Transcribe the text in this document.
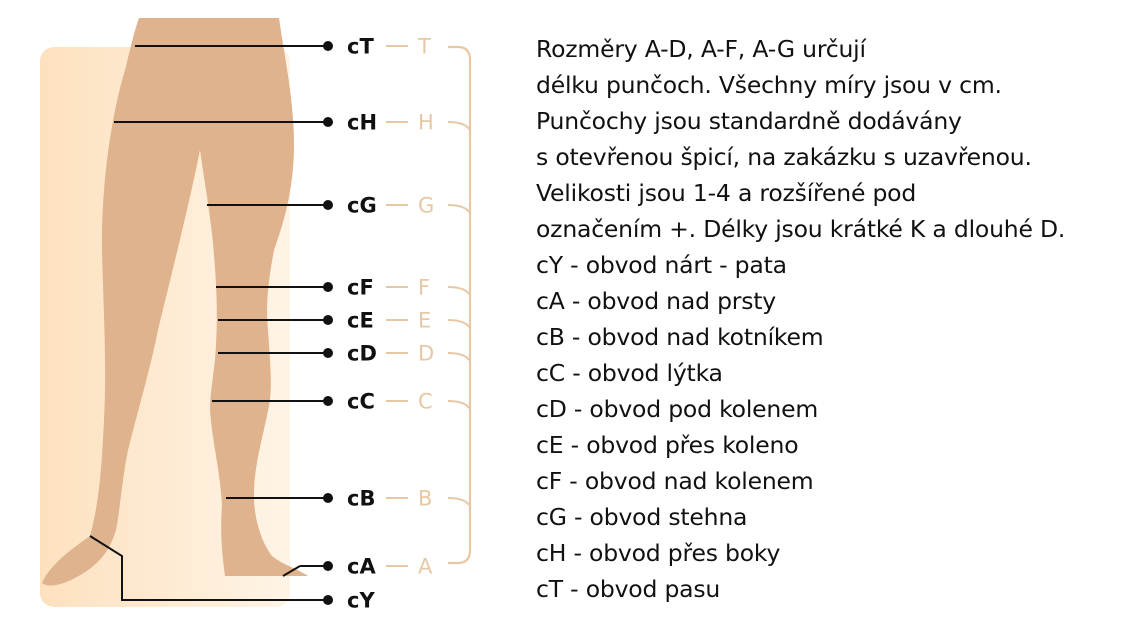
cT T
cH H
cG G
cF F
cE E
cD D
cC C
cB B
cA A
cY
Rozměry A-D, A-F, A-G určují
délku punčoch. Všechny míry jsou v cm.
Punčochy jsou standardně dodávány
s otevřenou špicí, na zakázku s uzavřenou.
Velikosti jsou 1-4 a rozšířené pod
označením +. Délky jsou krátké K a dlouhé D.
cY - obvod nárt - pata
cA - obvod nad prsty
cB - obvod nad kotníkem
cC - obvod lýtka
cD - obvod pod kolenem
cE - obvod přes koleno
cF - obvod nad kolenem
cG - obvod stehna
cH - obvod přes boky
cT - obvod pasu
